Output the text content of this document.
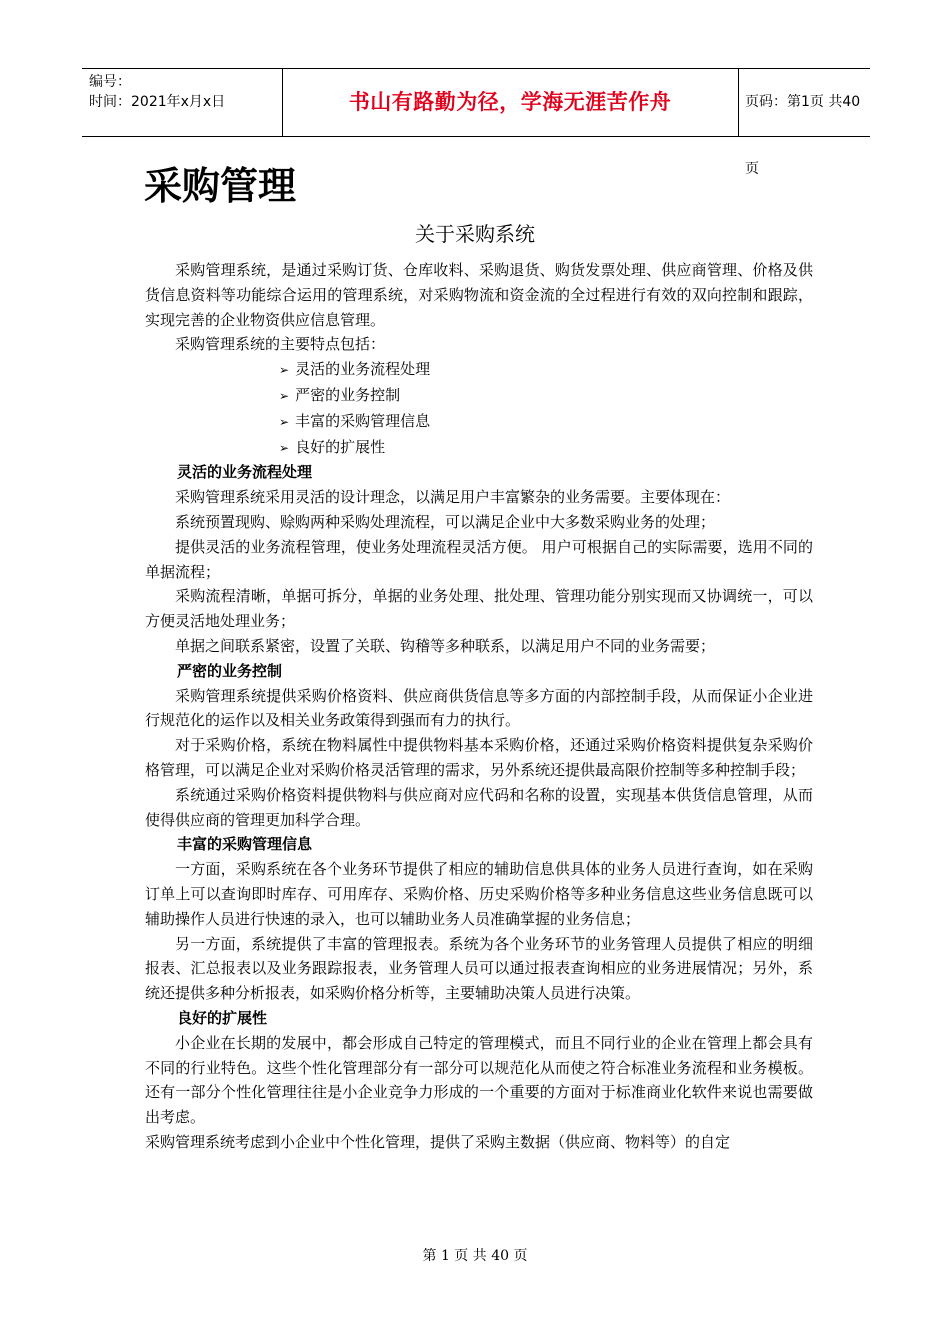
编号：
时间：2021年x月x日	书山有路勤为径，学海无涯苦作舟	页码：第1页 共40页
采购管理
关于采购系统

采购管理系统，是通过采购订货、仓库收料、采购退货、购货发票处理、供应商管理、价格及供货信息资料等功能综合运用的管理系统，对采购物流和资金流的全过程进行有效的双向控制和跟踪，实现完善的企业物资供应信息管理。

采购管理系统的主要特点包括：

➢ 灵活的业务流程处理
➢ 严密的业务控制
➢ 丰富的采购管理信息
➢ 良好的扩展性

灵活的业务流程处理

采购管理系统采用灵活的设计理念，以满足用户丰富繁杂的业务需要。主要体现在：

系统预置现购、赊购两种采购处理流程，可以满足企业中大多数采购业务的处理；

提供灵活的业务流程管理，使业务处理流程灵活方便。 用户可根据自己的实际需要，选用不同的单据流程；

采购流程清晰，单据可拆分，单据的业务处理、批处理、管理功能分别实现而又协调统一，可以方便灵活地处理业务；

单据之间联系紧密，设置了关联、钩稽等多种联系，以满足用户不同的业务需要；

严密的业务控制

采购管理系统提供采购价格资料、供应商供货信息等多方面的内部控制手段，从而保证小企业进行规范化的运作以及相关业务政策得到强而有力的执行。

对于采购价格，系统在物料属性中提供物料基本采购价格，还通过采购价格资料提供复杂采购价格管理，可以满足企业对采购价格灵活管理的需求，另外系统还提供最高限价控制等多种控制手段；

系统通过采购价格资料提供物料与供应商对应代码和名称的设置，实现基本供货信息管理，从而使得供应商的管理更加科学合理。

丰富的采购管理信息

一方面，采购系统在各个业务环节提供了相应的辅助信息供具体的业务人员进行查询，如在采购订单上可以查询即时库存、可用库存、采购价格、历史采购价格等多种业务信息这些业务信息既可以辅助操作人员进行快速的录入，也可以辅助业务人员准确掌握的业务信息；

另一方面，系统提供了丰富的管理报表。系统为各个业务环节的业务管理人员提供了相应的明细报表、汇总报表以及业务跟踪报表，业务管理人员可以通过报表查询相应的业务进展情况；另外，系统还提供多种分析报表，如采购价格分析等，主要辅助决策人员进行决策。

良好的扩展性

小企业在长期的发展中，都会形成自己特定的管理模式，而且不同行业的企业在管理上都会具有不同的行业特色。这些个性化管理部分有一部分可以规范化从而使之符合标准业务流程和业务模板。还有一部分个性化管理往往是小企业竞争力形成的一个重要的方面对于标准商业化软件来说也需要做出考虑。

采购管理系统考虑到小企业中个性化管理，提供了采购主数据（供应商、物料等）的自定

第 1 页 共 40 页
